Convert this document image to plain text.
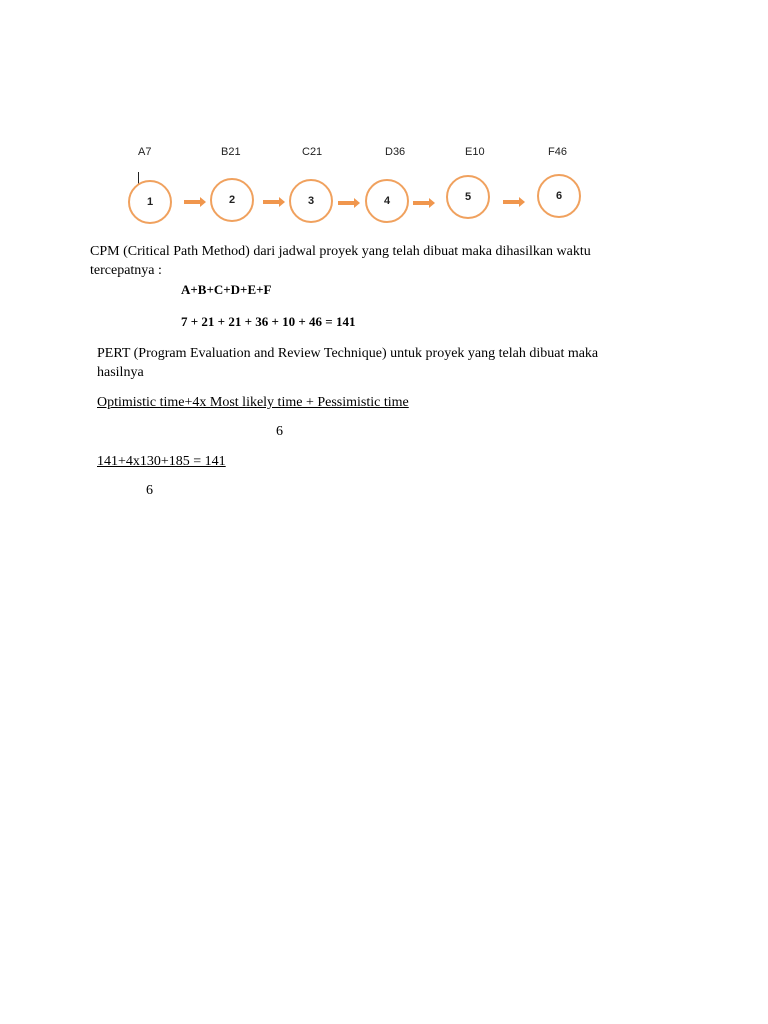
A7	B21	C21	D36	E10	F46
1	2	3	4	5	6
CPM (Critical Path Method) dari jadwal proyek yang telah dibuat maka dihasilkan waktu
tercepatnya :
A+B+C+D+E+F
7 + 21 + 21 + 36 + 10 + 46 = 141
PERT (Program Evaluation and Review Technique) untuk proyek yang telah dibuat maka
hasilnya
Optimistic time+4x Most likely time + Pessimistic time
6
141+4x130+185 = 141
6
